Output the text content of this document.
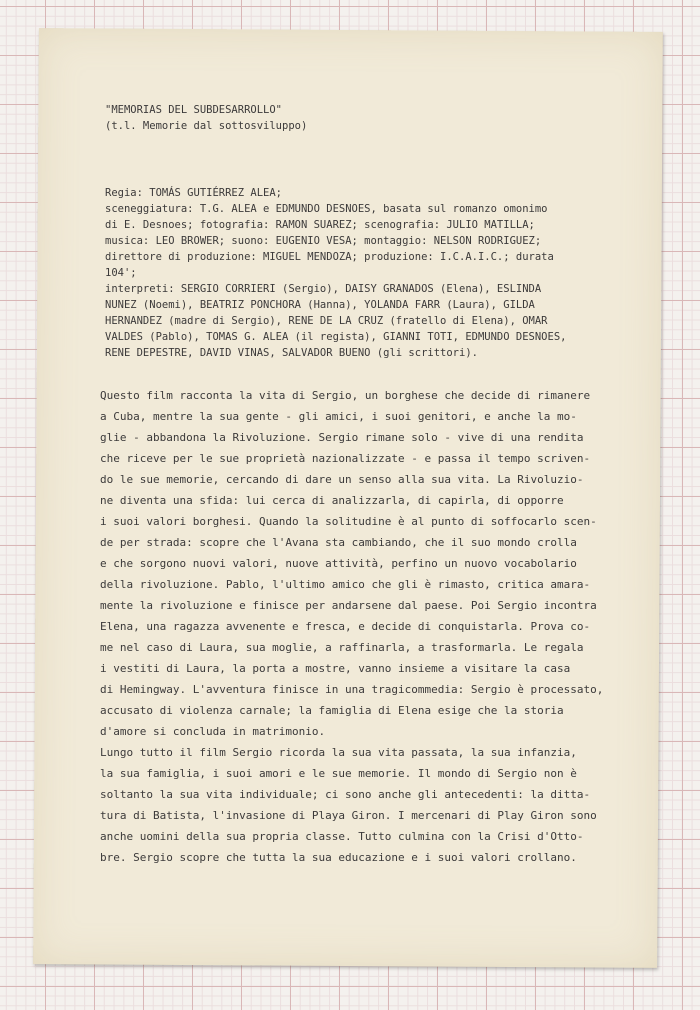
"MEMORIAS DEL SUBDESARROLLO"
(t.l. Memorie dal sottosviluppo)
Regia: TOMÁS GUTIÉRREZ ALEA;
sceneggiatura: T.G. ALEA e EDMUNDO DESNOES, basata sul romanzo omonimo
di E. Desnoes; fotografia: RAMON SUAREZ; scenografia: JULIO MATILLA;
musica: LEO BROWER; suono: EUGENIO VESA; montaggio: NELSON RODRIGUEZ;
direttore di produzione: MIGUEL MENDOZA; produzione: I.C.A.I.C.; durata
104';
interpreti: SERGIO CORRIERI (Sergio), DAISY GRANADOS (Elena), ESLINDA
NUNEZ (Noemi), BEATRIZ PONCHORA (Hanna), YOLANDA FARR (Laura), GILDA
HERNANDEZ (madre di Sergio), RENE DE LA CRUZ (fratello di Elena), OMAR
VALDES (Pablo), TOMAS G. ALEA (il regista), GIANNI TOTI, EDMUNDO DESNOES,
RENE DEPESTRE, DAVID VINAS, SALVADOR BUENO (gli scrittori).
Questo film racconta la vita di Sergio, un borghese che decide di rimanere
a Cuba, mentre la sua gente - gli amici, i suoi genitori, e anche la mo-
glie - abbandona la Rivoluzione. Sergio rimane solo - vive di una rendita
che riceve per le sue proprietà nazionalizzate - e passa il tempo scriven-
do le sue memorie, cercando di dare un senso alla sua vita. La Rivoluzio-
ne diventa una sfida: lui cerca di analizzarla, di capirla, di opporre
i suoi valori borghesi. Quando la solitudine è al punto di soffocarlo scen-
de per strada: scopre che l'Avana sta cambiando, che il suo mondo crolla
e che sorgono nuovi valori, nuove attività, perfino un nuovo vocabolario
della rivoluzione. Pablo, l'ultimo amico che gli è rimasto, critica amara-
mente la rivoluzione e finisce per andarsene dal paese. Poi Sergio incontra
Elena, una ragazza avvenente e fresca, e decide di conquistarla. Prova co-
me nel caso di Laura, sua moglie, a raffinarla, a trasformarla. Le regala
i vestiti di Laura, la porta a mostre, vanno insieme a visitare la casa
di Hemingway. L'avventura finisce in una tragicommedia: Sergio è processato,
accusato di violenza carnale; la famiglia di Elena esige che la storia
d'amore si concluda in matrimonio.
Lungo tutto il film Sergio ricorda la sua vita passata, la sua infanzia,
la sua famiglia, i suoi amori e le sue memorie. Il mondo di Sergio non è
soltanto la sua vita individuale; ci sono anche gli antecedenti: la ditta-
tura di Batista, l'invasione di Playa Giron. I mercenari di Play Giron sono
anche uomini della sua propria classe. Tutto culmina con la Crisi d'Otto-
bre. Sergio scopre che tutta la sua educazione e i suoi valori crollano.
